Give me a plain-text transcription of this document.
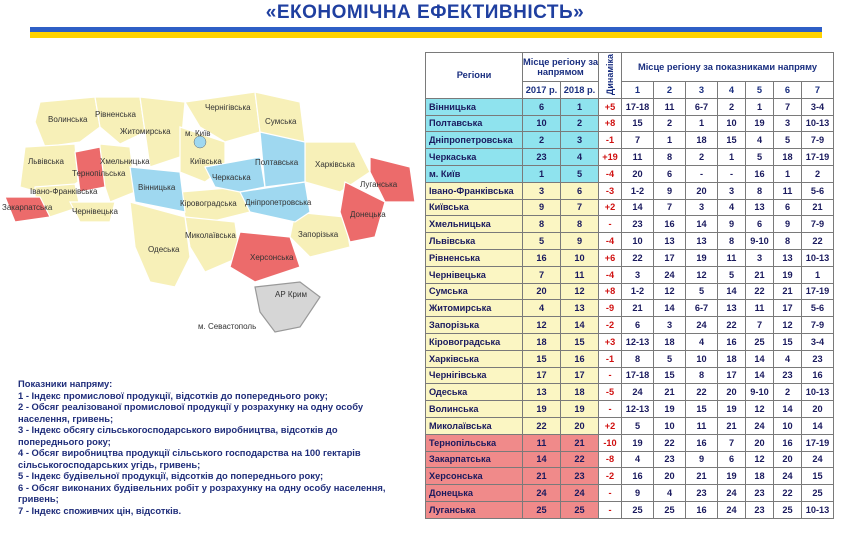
«ЕКОНОМІЧНА ЕФЕКТИВНІСТЬ»
Волинська
Рівненська
Житомирська
Чернігівська
Сумська
м. Київ
Київська	Полтавська Харківська
Львівська
Тернопільська
Хмельницька
Вінницька
Черкаська
Івано-Франківська
Закарпатська Чернівецька
Кіровоградська Дніпропетровська
Луганська
Донецька
Миколаївська	Запорізька
Одеська
Херсонська
АР Крим
м. Севастополь
Показники напряму:
1 - Індекс промислової продукції, відсотків до попереднього року;
2 - Обсяг реалізованої промислової продукції у розрахунку на одну особу населення, гривень;
3 - Індекс обсягу сільськогосподарського виробництва, відсотків до попереднього року;
4 - Обсяг виробництва продукції сільського господарства на 100 гектарів сільськогосподарських угідь, гривень;
5 - Індекс будівельної продукції, відсотків до попереднього року;
6 - Обсяг виконаних будівельних робіт у розрахунку на одну особу населення, гривень;
7 - Індекс споживчих цін, відсотків.
Регіони	Місце регіону за напрямом		Динаміка	Місце регіону за показниками напряму						
	2017 р.	2018 р.		1	2	3	4	5	6	7
Вінницька	6	1	+5	17-18	11	6-7	2	1	7	3-4
Полтавська	10	2	+8	15	2	1	10	19	3	10-13
Дніпропетровська	2	3	-1	7	1	18	15	4	5	7-9
Черкаська	23	4	+19	11	8	2	1	5	18	17-19
м. Київ	1	5	-4	20	6	-	-	16	1	2
Івано-Франківська	3	6	-3	1-2	9	20	3	8	11	5-6
Київська	9	7	+2	14	7	3	4	13	6	21
Хмельницька	8	8	-	23	16	14	9	6	9	7-9
Львівська	5	9	-4	10	13	13	8	9-10	8	22
Рівненська	16	10	+6	22	17	19	11	3	13	10-13
Чернівецька	7	11	-4	3	24	12	5	21	19	1
Сумська	20	12	+8	1-2	12	5	14	22	21	17-19
Житомирська	4	13	-9	21	14	6-7	13	11	17	5-6
Запорізька	12	14	-2	6	3	24	22	7	12	7-9
Кіровоградська	18	15	+3	12-13	18	4	16	25	15	3-4
Харківська	15	16	-1	8	5	10	18	14	4	23
Чернігівська	17	17	-	17-18	15	8	17	14	23	16
Одеська	13	18	-5	24	21	22	20	9-10	2	10-13
Волинська	19	19	-	12-13	19	15	19	12	14	20
Миколаївська	22	20	+2	5	10	11	21	24	10	14
Тернопільська	11	21	-10	19	22	16	7	20	16	17-19
Закарпатська	14	22	-8	4	23	9	6	12	20	24
Херсонська	21	23	-2	16	20	21	19	18	24	15
Донецька	24	24	-	9	4	23	24	23	22	25
Луганська	25	25	-	25	25	16	24	23	25	10-13
